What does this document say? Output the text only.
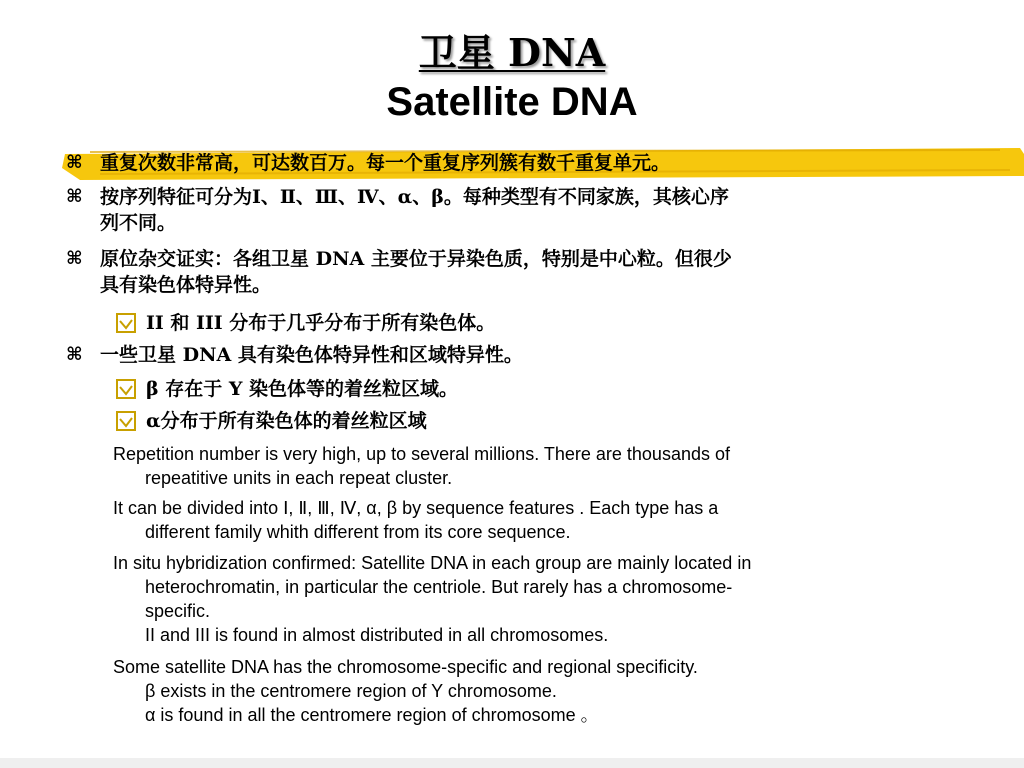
卫星 DNA
Satellite DNA
⌘ 重复次数非常高，可达数百万。每一个重复序列簇有数千重复单元。
⌘ 按序列特征可分为Ⅰ、Ⅱ、Ⅲ、Ⅳ、α、β。每种类型有不同家族，其核心序
列不同。
⌘ 原位杂交证实：各组卫星 DNA 主要位于异染色质，特别是中心粒。但很少
具有染色体特异性。
II 和 III 分布于几乎分布于所有染色体。
⌘ 一些卫星 DNA 具有染色体特异性和区域特异性。
β 存在于 Y 染色体等的着丝粒区域。
α分布于所有染色体的着丝粒区域
Repetition number is very high, up to several millions. There are thousands of
repeatitive units in each repeat cluster.
It can be divided into Ⅰ, Ⅱ, Ⅲ, Ⅳ, α, β by sequence features . Each type has a
different family whith different from its core sequence.
In situ hybridization confirmed: Satellite DNA in each group are mainly located in
heterochromatin, in particular the centriole. But rarely has a chromosome-
specific.
II and III is found in almost distributed in all chromosomes.
Some satellite DNA has the chromosome-specific and regional specificity.
β exists in the centromere region of Y chromosome.
α is found in all the centromere region of chromosome 。
